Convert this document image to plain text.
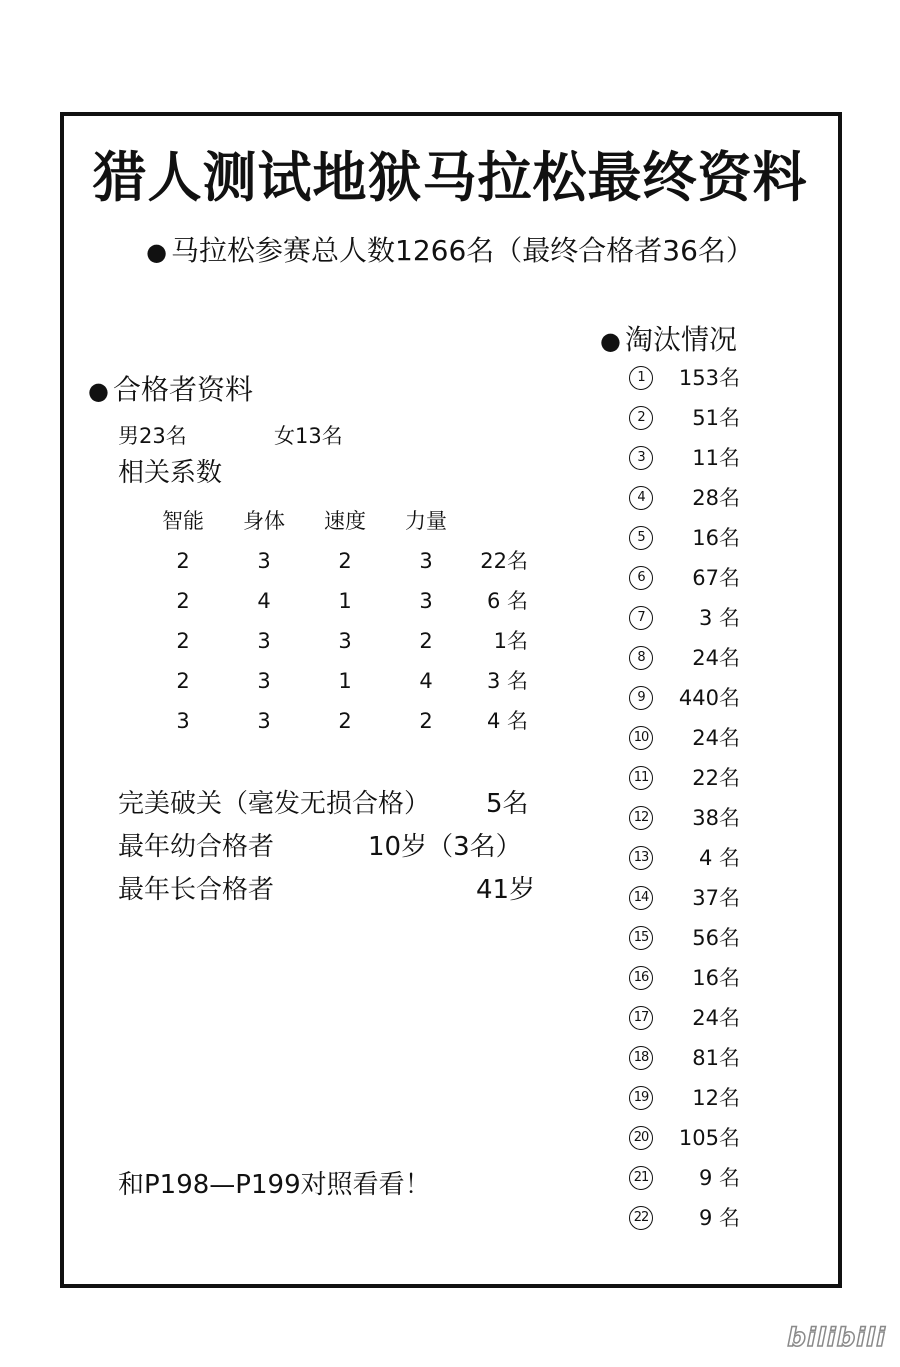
猎人测试地狱马拉松最终资料
● 马拉松参赛总人数1266名（最终合格者36名）
● 合格者资料
男23名	女13名
相关系数
智能	身体	速度	力量
2	3	2	3	22名
2	4	1	3	6 名
2	3	3	2	1名
2	3	1	4	3 名
3	3	2	2	4 名
完美破关（毫发无损合格） 5名
最年幼合格者	10岁（3名）
最年长合格者	41岁
和P198—P199对照看看！
● 淘汰情况
1	153名
2	51名
3	11名
4	28名
5	16名
6	67名
7	3 名
8	24名
9	440名
10	24名
11	22名
12	38名
13	4 名
14	37名
15	56名
16	16名
17	24名
18	81名
19	12名
20	105名
21	9 名
22	9 名
bilibili
